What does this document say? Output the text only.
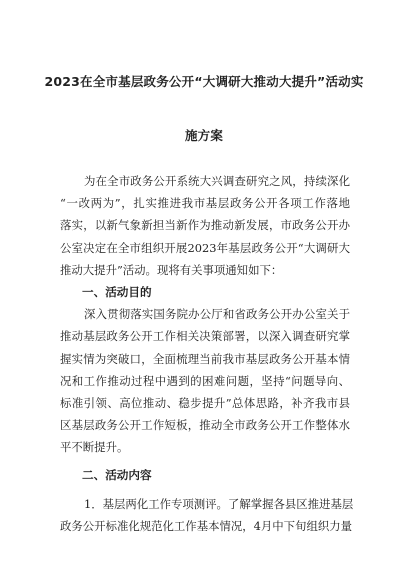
2023在全市基层政务公开“大调研大推动大提升”活动实
施方案
为在全市政务公开系统大兴调查研究之风，持续深化
“一改两为”，扎实推进我市基层政务公开各项工作落地
落实，以新气象新担当新作为推动新发展，市政务公开办
公室决定在全市组织开展2023年基层政务公开“大调研大
推动大提升”活动。现将有关事项通知如下：
一、活动目的
深入贯彻落实国务院办公厅和省政务公开办公室关于
推动基层政务公开工作相关决策部署，以深入调查研究掌
握实情为突破口，全面梳理当前我市基层政务公开基本情
况和工作推动过程中遇到的困难问题，坚持“问题导向、
标准引领、高位推动、稳步提升”总体思路，补齐我市县
区基层政务公开工作短板，推动全市政务公开工作整体水
平不断提升。
二、活动内容
1．基层两化工作专项测评。了解掌握各县区推进基层
政务公开标准化规范化工作基本情况，4月中下旬组织力量
